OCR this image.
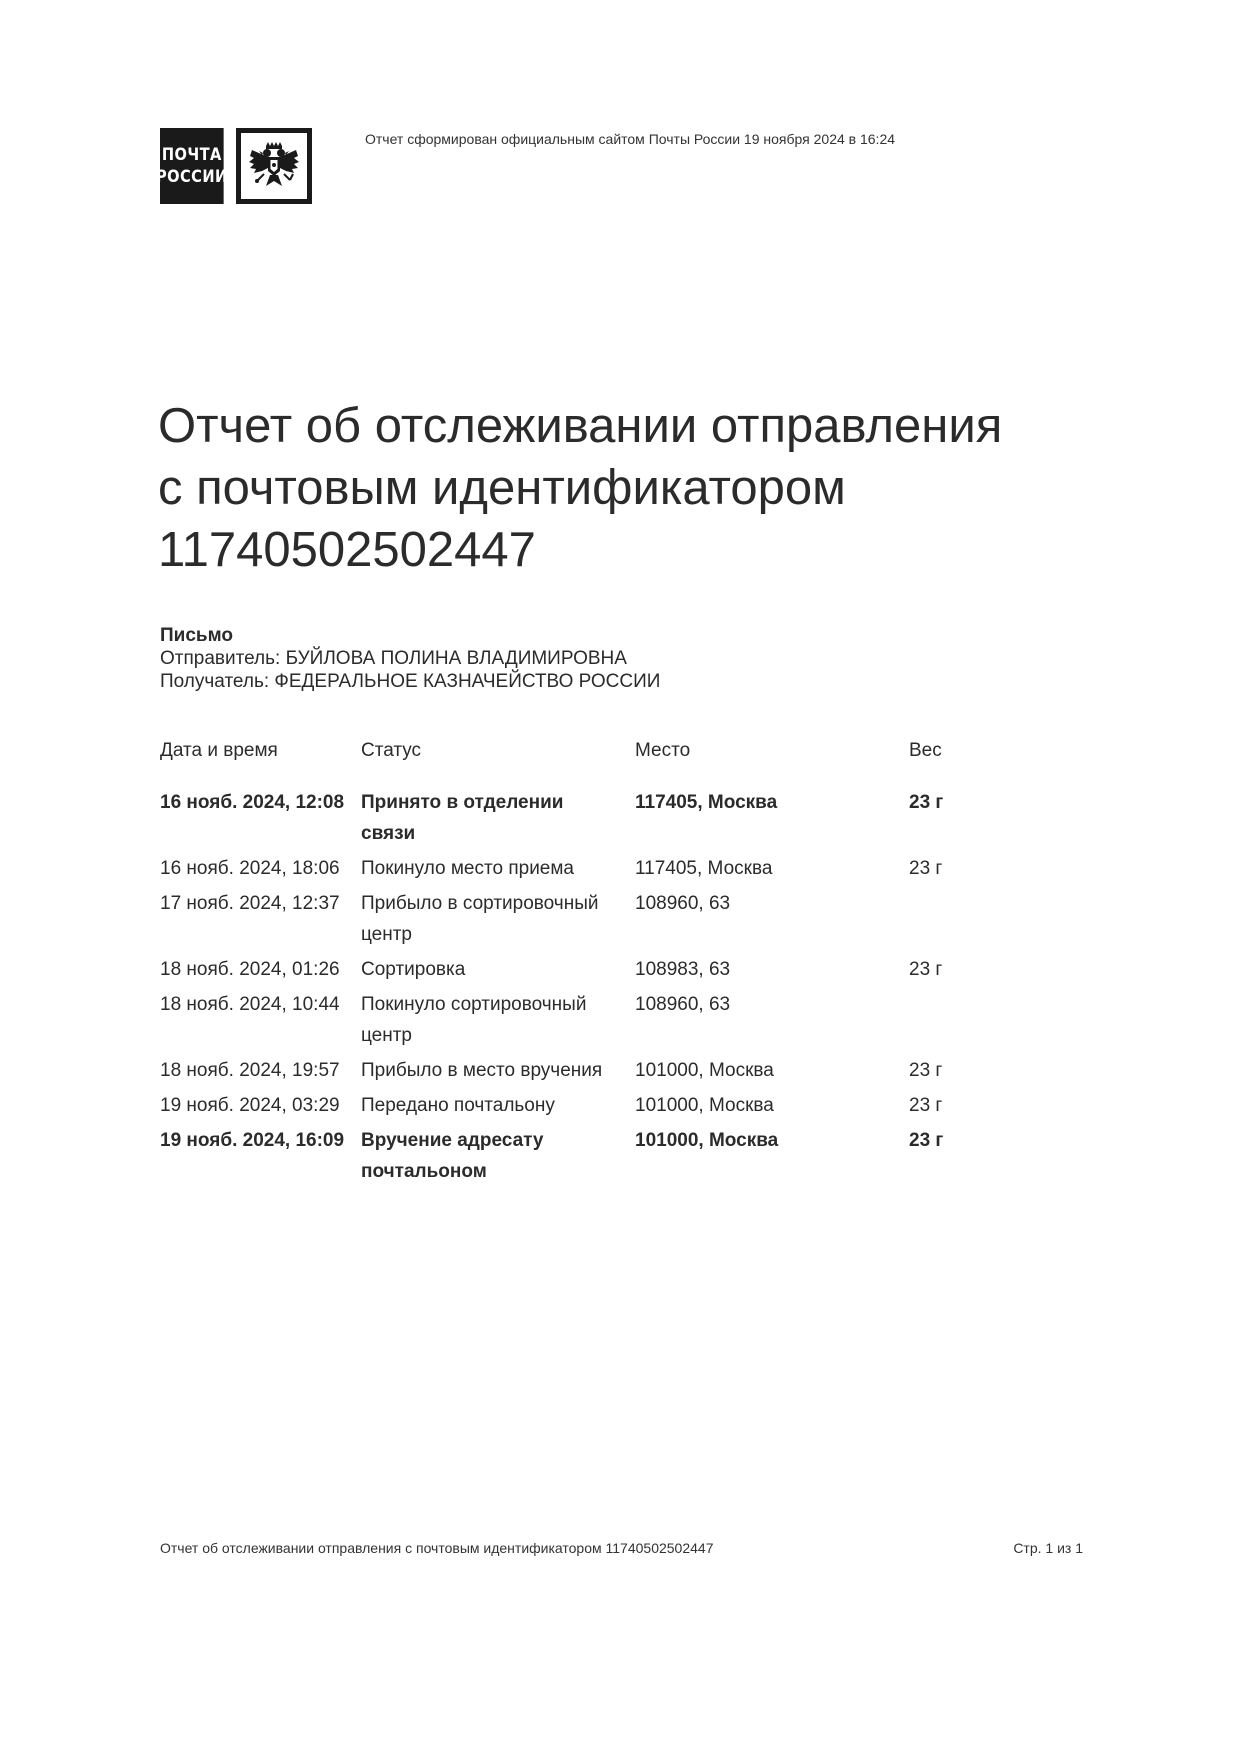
ПОЧТА
РОССИИ
Отчет сформирован официальным сайтом Почты России 19 ноября 2024 в 16:24
Отчет об отслеживании отправления
с почтовым идентификатором
11740502502447
Письмо
Отправитель: БУЙЛОВА ПОЛИНА ВЛАДИМИРОВНА
Получатель: ФЕДЕРАЛЬНОЕ КАЗНАЧЕЙСТВО РОССИИ
Дата и время	Статус	Место	Вес
16 нояб. 2024, 12:08	Принято в отделении связи	117405, Москва	23 г
16 нояб. 2024, 18:06	Покинуло место приема	117405, Москва	23 г
17 нояб. 2024, 12:37	Прибыло в сортировочный центр	108960, 63	
18 нояб. 2024, 01:26	Сортировка	108983, 63	23 г
18 нояб. 2024, 10:44	Покинуло сортировочный центр	108960, 63	
18 нояб. 2024, 19:57	Прибыло в место вручения	101000, Москва	23 г
19 нояб. 2024, 03:29	Передано почтальону	101000, Москва	23 г
19 нояб. 2024, 16:09	Вручение адресату почтальоном	101000, Москва	23 г
Отчет об отслеживании отправления с почтовым идентификатором 11740502502447	Стр. 1 из 1
